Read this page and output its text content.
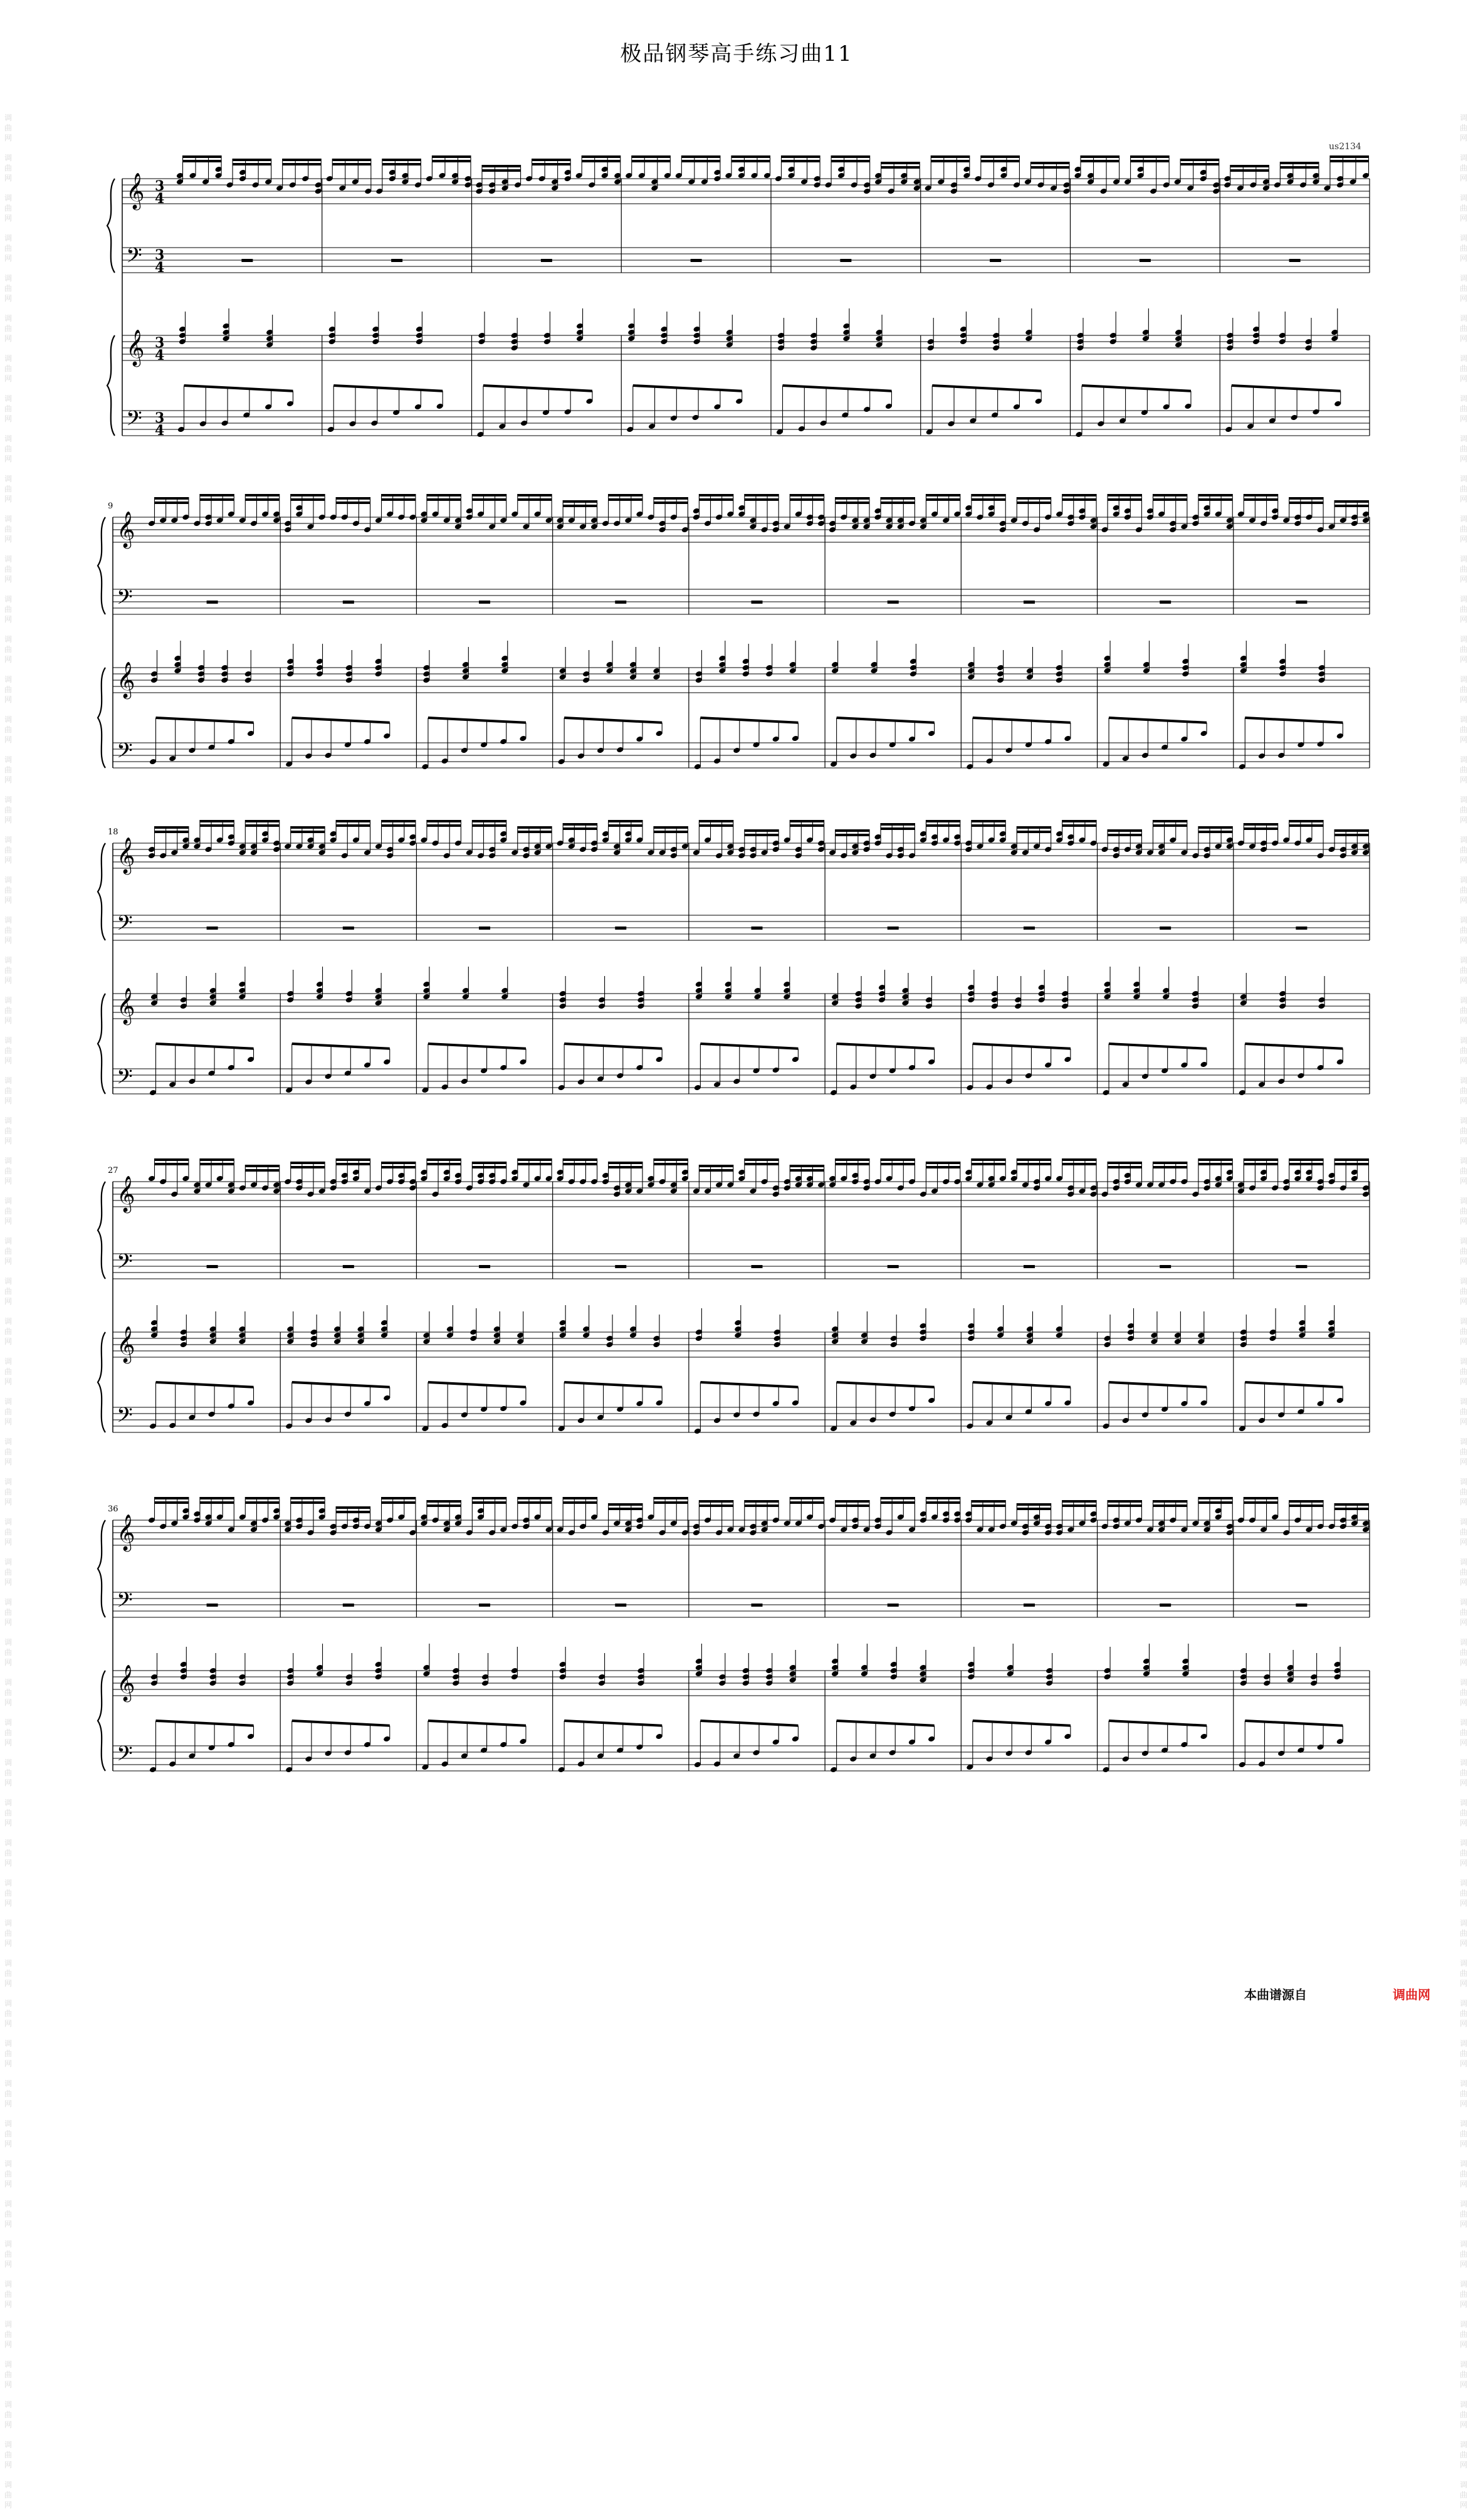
极品钢琴高手练习曲11
us2134
调
曲
网

调
曲
网

调
曲
网

调
曲
网

调
曲
网

调
曲
网

调
曲
网

调
曲
网

调
曲
网

调
曲
网

调
曲
网

调
曲
网

调
曲
网

调
曲
网

调
曲
网

调
曲
网

调
曲
网

调
曲
网

调
曲
网

调
曲
网

调
曲
网

调
曲
网

调
曲
网

调
曲
网

调
曲
网

调
曲
网

调
曲
网

调
曲
网

调
曲
网

调
曲
网

调
曲
网

调
曲
网

调
曲
网

调
曲
网

调
曲
网

调
曲
网

调
曲
网

调
曲
网

调
曲
网

调
曲
网

调
曲
网

调
曲
网

调
曲
网

调
曲
网

调
曲
网

调
曲
网

调
曲
网

调
曲
网

调
曲
网

调
曲
网

调
曲
网

调
曲
网

调
曲
网

调
曲
网

调
曲
网

调
曲
网

调
曲
网

调
曲
网

调
曲
网

调
曲
网

调
曲
网

调
曲
网

调
曲
网

调
曲
网

调
曲
网

调
曲
网

调
曲
网

调
曲
网

调
曲
网

调
曲
网

调
曲
网

调
曲
网

调
曲
网

调
曲
网

调
曲
网

调
曲
网

调
曲
网

调
曲
网

调
曲
网

调
曲
网

调
曲
网

调
曲
网

调
曲
网

调
曲
网

调
曲
网

调
曲
网

调
曲
网

调
曲
网

调
曲
网

调
曲
网

调
曲
网

调
曲
网

调
曲
网

调
曲
网

调
曲
网

调
曲
网

调
曲
网

调
曲
网

调
曲
网

调
曲
网

调
曲
网

调
曲
网

调
曲
网

调
曲
网

调
曲
网

调
曲
网

调
曲
网

调
曲
网

调
曲
网

调
曲
网

调
曲
网

调
曲
网

调
曲
网

调
曲
网

调
曲
网

调
曲
网

调
曲
网

调
曲
网

调
曲
网

调
曲
网

𝄞
𝄢
𝄞
𝄢
3
4
3
4
3
4
3
4
𝄞
𝄢
𝄞
𝄢
9
𝄞
𝄢
𝄞
𝄢
18
𝄞
𝄢
𝄞
𝄢
27
𝄞
𝄢
𝄞
𝄢
36
本曲谱源自	调曲网
